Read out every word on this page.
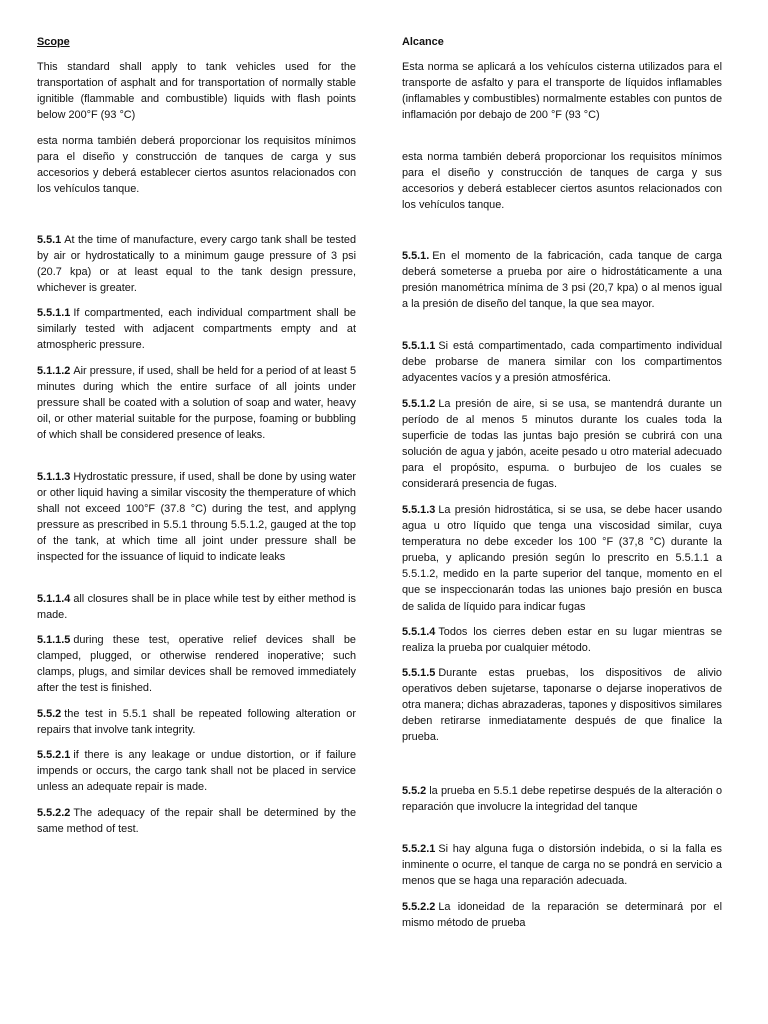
Scope

This standard shall apply to tank vehicles used for the transportation of asphalt and for transportation of normally stable ignitible (flammable and combustible) liquids with flash points below 200°F (93 °C)

esta norma también deberá proporcionar los requisitos mínimos para el diseño y construcción de tanques de carga y sus accesorios y deberá establecer ciertos asuntos relacionados con los vehículos tanque.

5.5.1 At the time of manufacture, every cargo tank shall be tested by air or hydrostatically to a minimum gauge pressure of 3 psi (20.7 kpa) or at least equal to the tank design pressure, whichever is greater.

5.5.1.1 If compartmented, each individual compartment shall be similarly tested with adjacent compartments empty and at atmospheric pressure.

5.1.1.2 Air pressure, if used, shall be held for a period of at least 5 minutes during which the entire surface of all joints under pressure shall be coated with a solution of soap and water, heavy oil, or other material suitable for the purpose, foaming or bubbling of which shall be considered presence of leaks.

5.1.1.3 Hydrostatic pressure, if used, shall be done by using water or other liquid having a similar viscosity the themperature of which shall not exceed 100°F (37.8 °C) during the test, and applyng pressure as prescribed in 5.5.1 throung 5.5.1.2, gauged at the top of the tank, at which time all joint under pressure shall be inspected for the issuance of liquid to indicate leaks

5.1.1.4 all closures shall be in place while test by either method is made.

5.1.1.5 during these test, operative relief devices shall be clamped, plugged, or otherwise rendered inoperative; such clamps, plugs, and similar devices shall be removed immediately after the test is finished.

5.5.2 the test in 5.5.1 shall be repeated following alteration or repairs that involve tank integrity.

5.5.2.1 if there is any leakage or undue distortion, or if failure impends or occurs, the cargo tank shall not be placed in service unless an adequate repair is made.

5.5.2.2 The adequacy of the repair shall be determined by the same method of test.

Alcance

Esta norma se aplicará a los vehículos cisterna utilizados para el transporte de asfalto y para el transporte de líquidos inflamables (inflamables y combustibles) normalmente estables con puntos de inflamación por debajo de 200 °F (93 °C)

esta norma también deberá proporcionar los requisitos mínimos para el diseño y construcción de tanques de carga y sus accesorios y deberá establecer ciertos asuntos relacionados con los vehículos tanque.

5.5.1. En el momento de la fabricación, cada tanque de carga deberá someterse a prueba por aire o hidrostáticamente a una presión manométrica mínima de 3 psi (20,7 kpa) o al menos igual a la presión de diseño del tanque, la que sea mayor.

5.5.1.1 Si está compartimentado, cada compartimento individual debe probarse de manera similar con los compartimentos adyacentes vacíos y a presión atmosférica.

5.5.1.2 La presión de aire, si se usa, se mantendrá durante un período de al menos 5 minutos durante los cuales toda la superficie de todas las juntas bajo presión se cubrirá con una solución de agua y jabón, aceite pesado u otro material adecuado para el propósito, espuma. o burbujeo de los cuales se considerará presencia de fugas.

5.5.1.3 La presión hidrostática, si se usa, se debe hacer usando agua u otro líquido que tenga una viscosidad similar, cuya temperatura no debe exceder los 100 °F (37,8 °C) durante la prueba, y aplicando presión según lo prescrito en 5.5.1.1 a 5.5.1.2, medido en la parte superior del tanque, momento en el que se inspeccionarán todas las uniones bajo presión en busca de salida de líquido para indicar fugas

5.5.1.4 Todos los cierres deben estar en su lugar mientras se realiza la prueba por cualquier método.

5.5.1.5 Durante estas pruebas, los dispositivos de alivio operativos deben sujetarse, taponarse o dejarse inoperativos de otra manera; dichas abrazaderas, tapones y dispositivos similares deben retirarse inmediatamente después de que finalice la prueba.

5.5.2 la prueba en 5.5.1 debe repetirse después de la alteración o reparación que involucre la integridad del tanque

5.5.2.1 Si hay alguna fuga o distorsión indebida, o si la falla es inminente o ocurre, el tanque de carga no se pondrá en servicio a menos que se haga una reparación adecuada.

5.5.2.2 La idoneidad de la reparación se determinará por el mismo método de prueba
